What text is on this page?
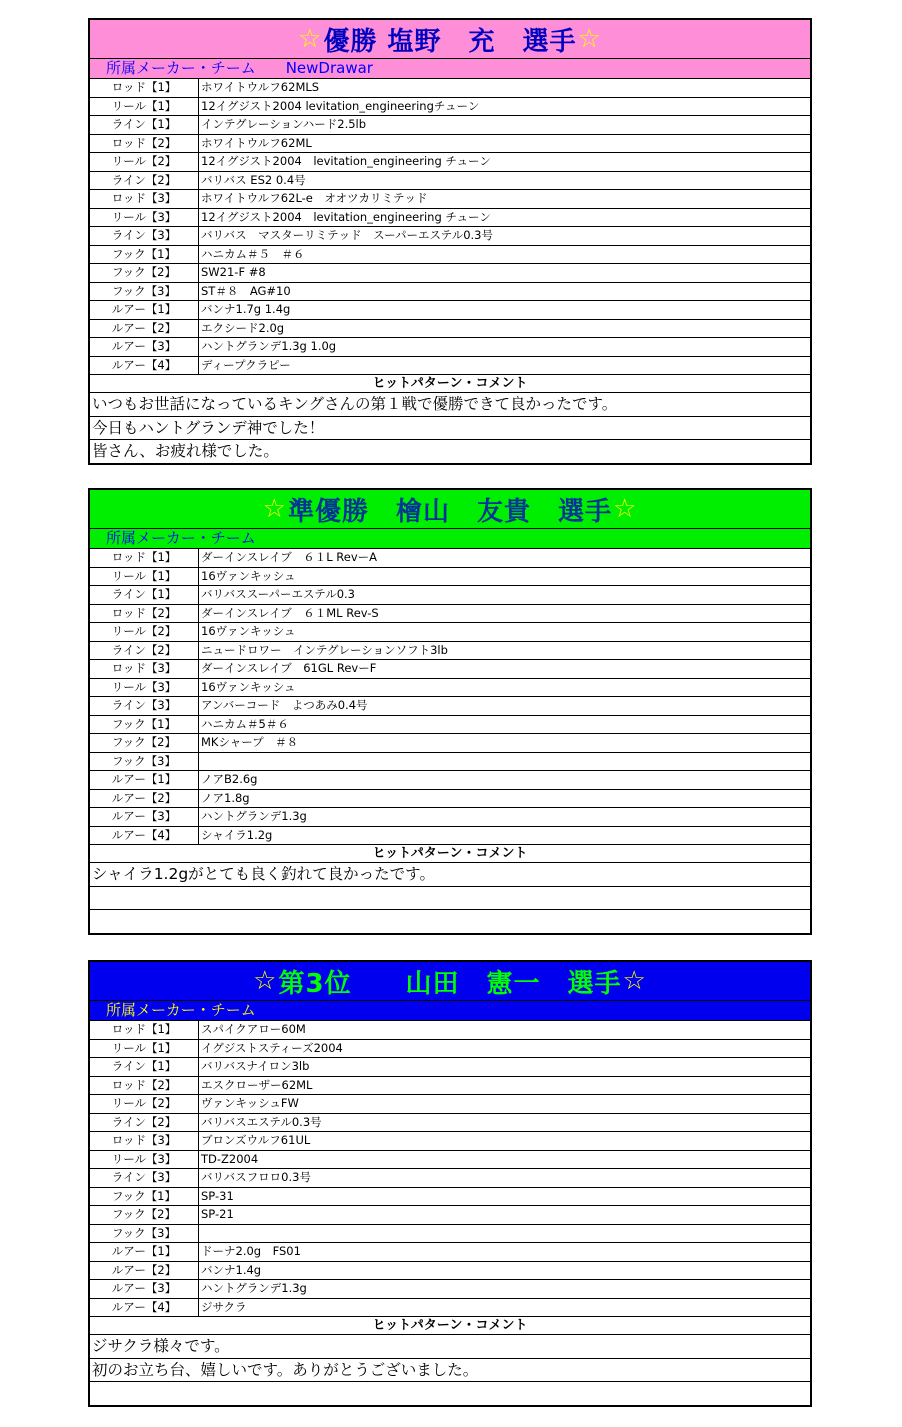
☆ 優勝 塩野　充　選手 ☆
所属メーカー・チーム NewDrawar
ロッド【1】	ホワイトウルフ62MLS
リール【1】	12イグジスト2004 levitation_engineeringチューン
ライン【1】	インテグレーションハード2.5lb
ロッド【2】	ホワイトウルフ62ML
リール【2】	12イグジスト2004　levitation_engineering チューン
ライン【2】	バリバス ES2 0.4号
ロッド【3】	ホワイトウルフ62L-e　オオツカリミテッド
リール【3】	12イグジスト2004　levitation_engineering チューン
ライン【3】	バリバス　マスターリミテッド　スーパーエステル0.3号
フック【1】	ハニカム＃５　＃６
フック【2】	SW21-F #8
フック【3】	ST＃８　AG#10
ルアー【1】	バンナ1.7g 1.4g
ルアー【2】	エクシード2.0g
ルアー【3】	ハントグランデ1.3g 1.0g
ルアー【4】	ディープクラピー
ヒットパターン・コメント
いつもお世話になっているキングさんの第１戦で優勝できて良かったです。
今日もハントグランデ神でした！
皆さん、お疲れ様でした。
☆ 準優勝　檜山　友貴　選手 ☆
所属メーカー・チーム
ロッド【1】	ダーインスレイブ　６１L RevーA
リール【1】	16ヴァンキッシュ
ライン【1】	バリバススーパーエステル0.3
ロッド【2】	ダーインスレイブ　６１ML Rev-S
リール【2】	16ヴァンキッシュ
ライン【2】	ニュードロワー　インテグレーションソフト3lb
ロッド【3】	ダーインスレイブ　61GL RevーF
リール【3】	16ヴァンキッシュ
ライン【3】	アンバーコード　よつあみ0.4号
フック【1】	ハニカム＃5＃６
フック【2】	MKシャープ　＃８
フック【3】
ルアー【1】	ノアB2.6g
ルアー【2】	ノア1.8g
ルアー【3】	ハントグランデ1.3g
ルアー【4】	シャイラ1.2g
ヒットパターン・コメント
シャイラ1.2gがとても良く釣れて良かったです。
☆ 第3位　　山田　憲一　選手 ☆
所属メーカー・チーム
ロッド【1】	スパイクアロー60M
リール【1】	イグジストスティーズ2004
ライン【1】	バリバスナイロン3lb
ロッド【2】	エスクローザー62ML
リール【2】	ヴァンキッシュFW
ライン【2】	バリバスエステル0.3号
ロッド【3】	ブロンズウルフ61UL
リール【3】	TD-Z2004
ライン【3】	バリバスフロロ0.3号
フック【1】	SP-31
フック【2】	SP-21
フック【3】
ルアー【1】	ドーナ2.0g　FS01
ルアー【2】	バンナ1.4g
ルアー【3】	ハントグランデ1.3g
ルアー【4】	ジサクラ
ヒットパターン・コメント
ジサクラ様々です。
初のお立ち台、嬉しいです。ありがとうございました。
